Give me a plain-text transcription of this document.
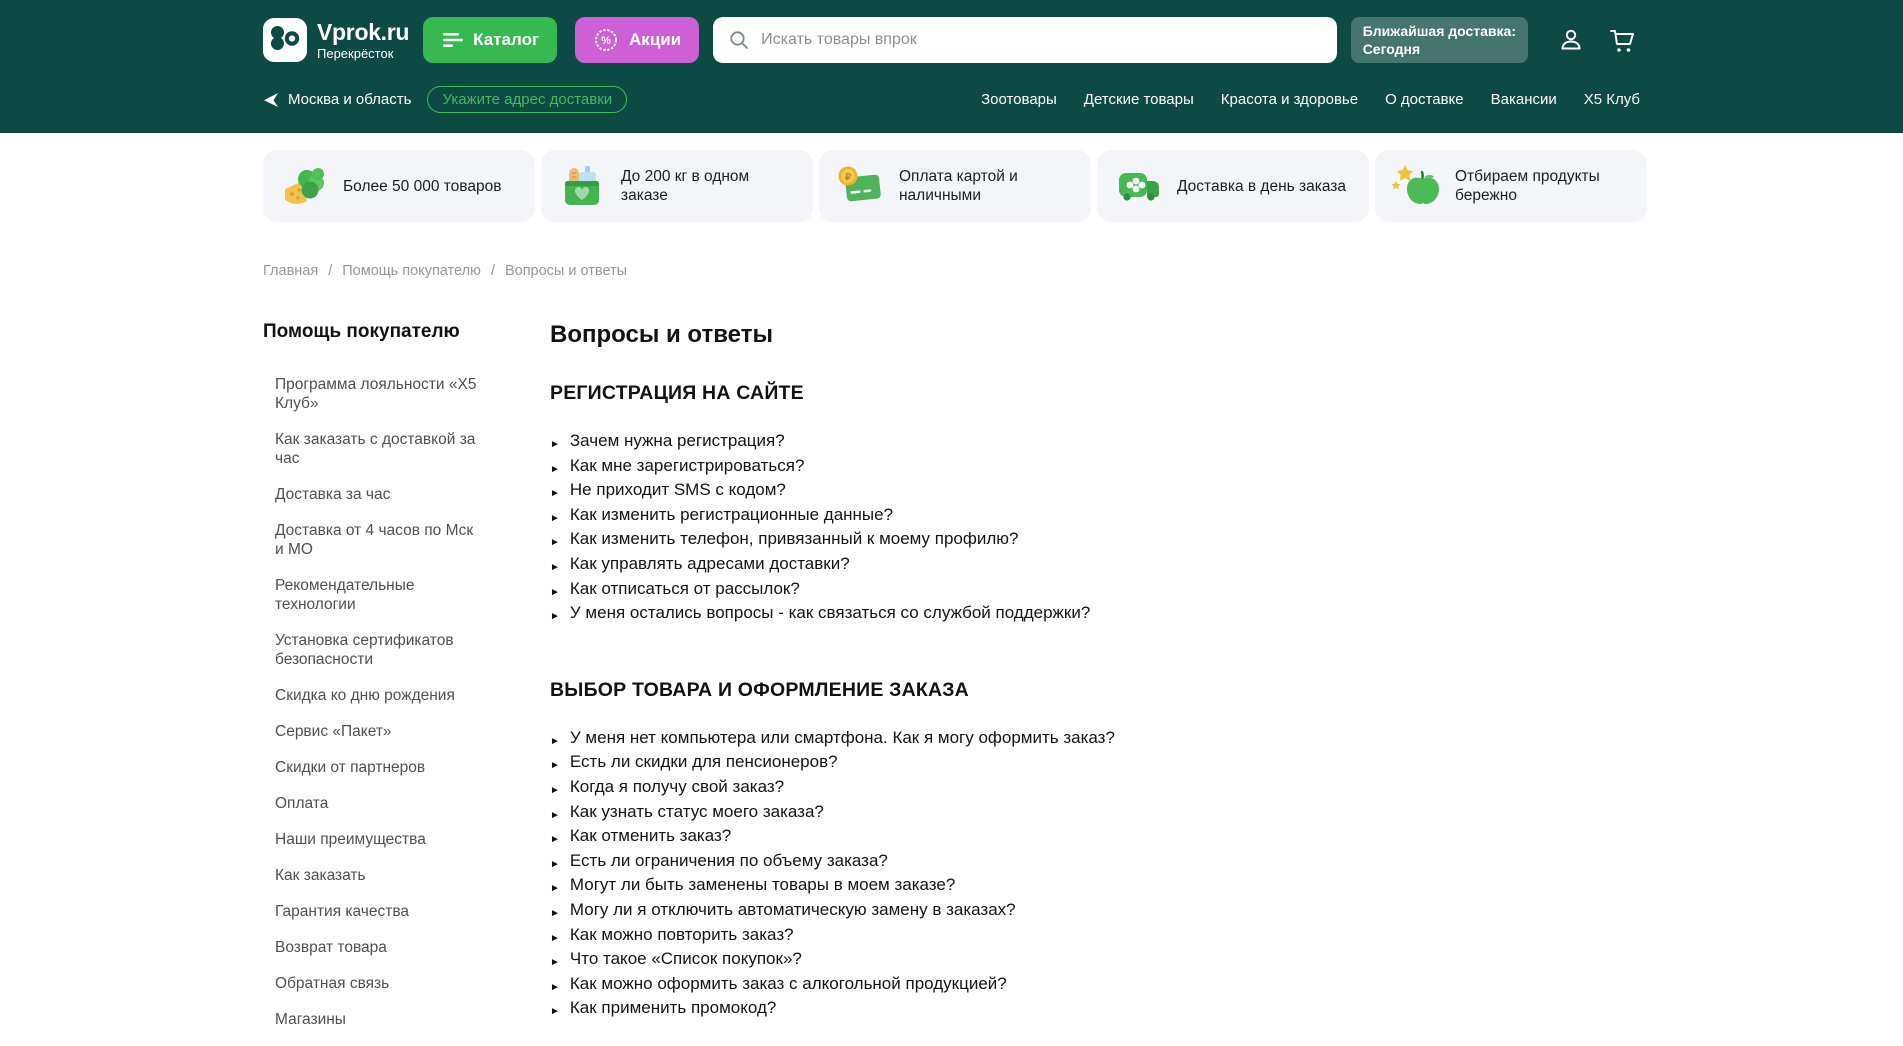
Vprok.ru
Перекрёсток
Каталог	% Акции
Искать товары впрок	Ближайшая доставка:
Сегодня
Москва и область	Укажите адрес доставки	Зоотовары Детские товары Красота и здоровье О доставке Вакансии Х5 Клуб
Более 50 000 товаров
До 200 кг в одном заказе
₽	Оплата картой и наличными
Доставка в день заказа
Отбираем продукты бережно
Главная / Помощь покупателю / Вопросы и ответы
Помощь покупателю
Программа лояльности «X5 Клуб»
Как заказать с доставкой за час
Доставка за час
Доставка от 4 часов по Мск и МО
Рекомендательные технологии
Установка сертификатов безопасности
Скидка ко дню рождения
Сервис «Пакет»
Скидки от партнеров
Оплата
Наши преимущества
Как заказать
Гарантия качества
Возврат товара
Обратная связь
Магазины
Вопросы и ответы
РЕГИСТРАЦИЯ НА САЙТЕ
► Зачем нужна регистрация?
► Как мне зарегистрироваться?
► Не приходит SMS с кодом?
► Как изменить регистрационные данные?
► Как изменить телефон, привязанный к моему профилю?
► Как управлять адресами доставки?
► Как отписаться от рассылок?
► У меня остались вопросы - как связаться со службой поддержки?
ВЫБОР ТОВАРА И ОФОРМЛЕНИЕ ЗАКАЗА
► У меня нет компьютера или смартфона. Как я могу оформить заказ?
► Есть ли скидки для пенсионеров?
► Когда я получу свой заказ?
► Как узнать статус моего заказа?
► Как отменить заказ?
► Есть ли ограничения по объему заказа?
► Могут ли быть заменены товары в моем заказе?
► Могу ли я отключить автоматическую замену в заказах?
► Как можно повторить заказ?
► Что такое «Список покупок»?
► Как можно оформить заказ с алкогольной продукцией?
► Как применить промокод?
